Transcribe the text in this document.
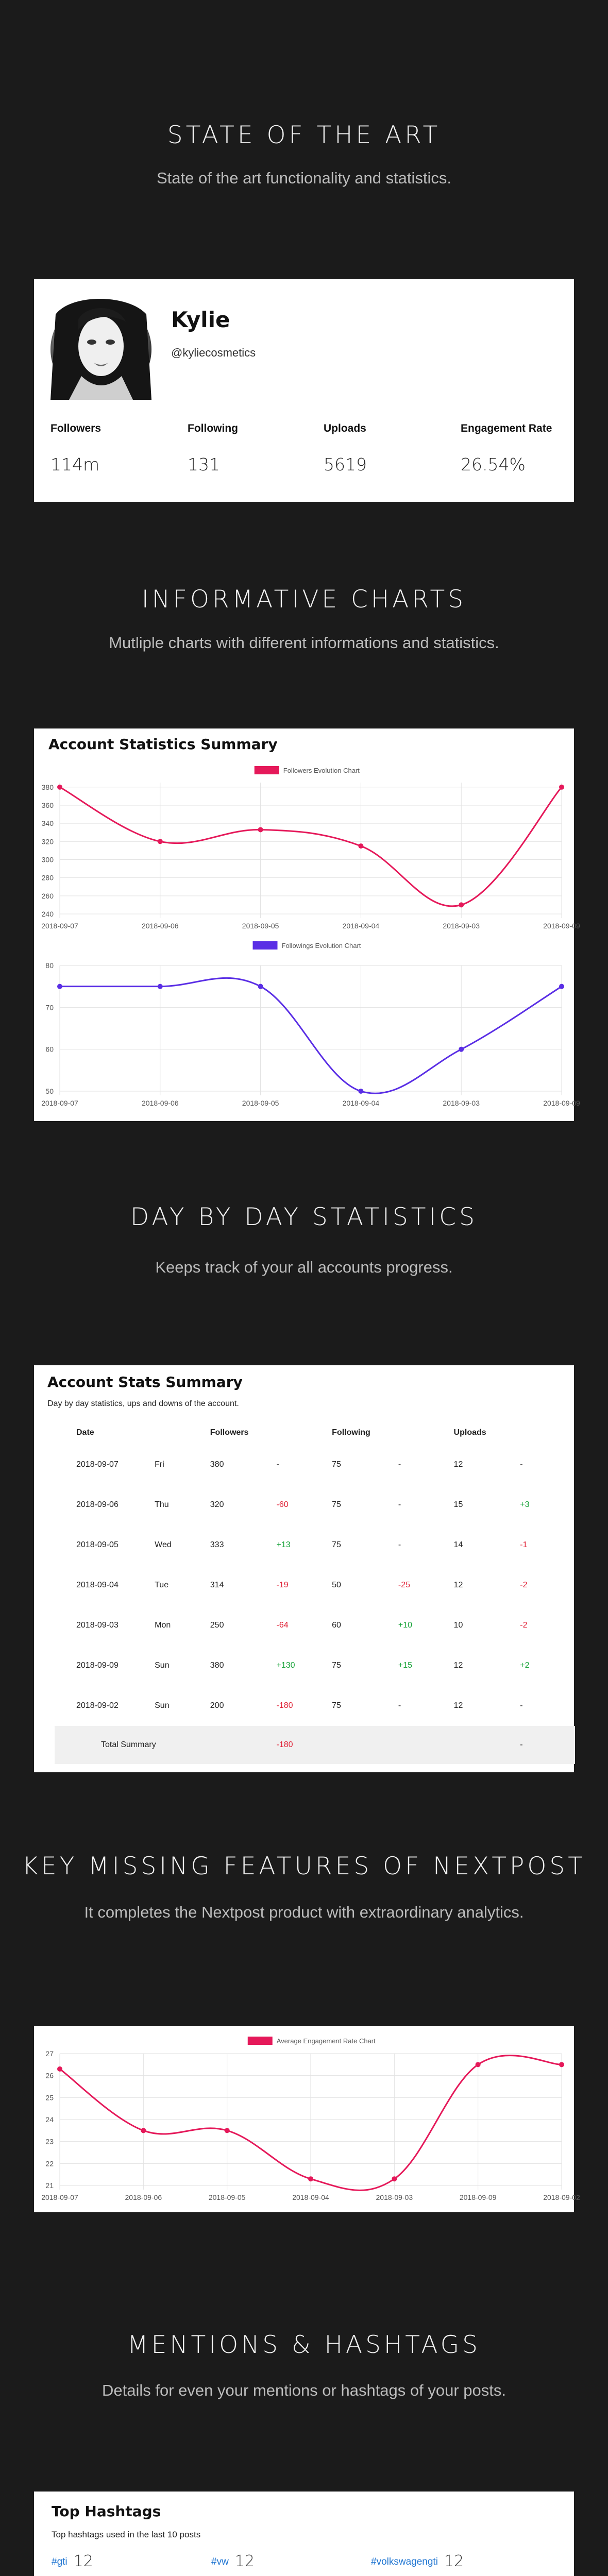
STATE OF THE ART
State of the art functionality and statistics.
Kylie
@kyliecosmetics
Followers
114m
Following
131
Uploads
5619
Engagement Rate
26.54%
INFORMATIVE CHARTS
Mutliple charts with different informations and statistics.
Account Statistics Summary
Followers Evolution Chart
240
260
280
300
320
340
360
380
2018-09-07	2018-09-06	2018-09-05	2018-09-04	2018-09-03	2018-09-09
Followings Evolution Chart
50
60
70
80
2018-09-07	2018-09-06	2018-09-05	2018-09-04	2018-09-03	2018-09-09
DAY BY DAY STATISTICS
Keeps track of your all accounts progress.
Account Stats Summary
Day by day statistics, ups and downs of the account.
Date		Followers		Following		Uploads	
2018-09-07	Fri	380	-	75	-	12	-
2018-09-06	Thu	320	-60	75	-	15	+3
2018-09-05	Wed	333	+13	75	-	14	-1
2018-09-04	Tue	314	-19	50	-25	12	-2
2018-09-03	Mon	250	-64	60	+10	10	-2
2018-09-09	Sun	380	+130	75	+15	12	+2
2018-09-02	Sun	200	-180	75	-	12	-
Total Summary			-180				-
KEY MISSING FEATURES OF NEXTPOST
It completes the Nextpost product with extraordinary analytics.
Average Engagement Rate Chart
21
22
23
24
25
26
27
2018-09-07	2018-09-06	2018-09-05	2018-09-04	2018-09-03	2018-09-09	2018-09-02
MENTIONS & HASHTAGS
Details for even your mentions or hashtags of your posts.
Top Hashtags
Top hashtags used in the last 10 posts
#gti 12	#vw 12	#volkswagengti 12
